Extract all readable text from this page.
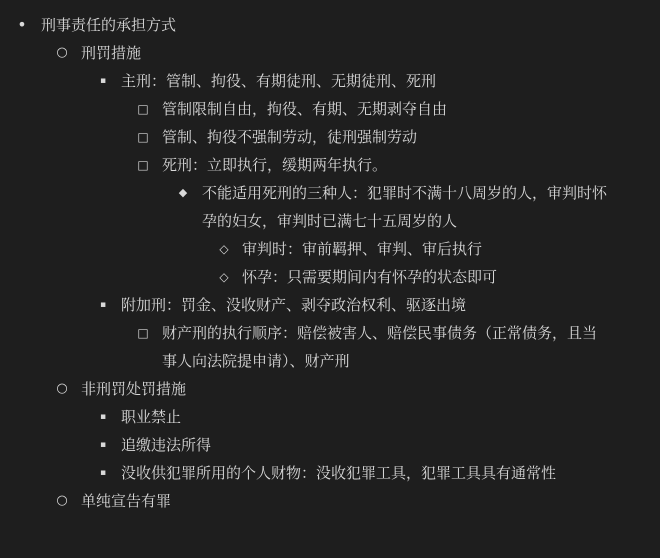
• 刑事责任的承担方式
○ 刑罚措施
▪ 主刑：管制、拘役、有期徒刑、无期徒刑、死刑
□ 管制限制自由，拘役、有期、无期剥夺自由
□ 管制、拘役不强制劳动，徒刑强制劳动
□ 死刑：立即执行，缓期两年执行。
◆ 不能适用死刑的三种人：犯罪时不满十八周岁的人，审判时怀
孕的妇女，审判时已满七十五周岁的人
◇ 审判时：审前羁押、审判、审后执行
◇ 怀孕：只需要期间内有怀孕的状态即可
▪ 附加刑：罚金、没收财产、剥夺政治权利、驱逐出境
□ 财产刑的执行顺序：赔偿被害人、赔偿民事债务（正常债务，且当
事人向法院提申请）、财产刑
○ 非刑罚处罚措施
▪ 职业禁止
▪ 追缴违法所得
▪ 没收供犯罪所用的个人财物：没收犯罪工具，犯罪工具具有通常性
○ 单纯宣告有罪
